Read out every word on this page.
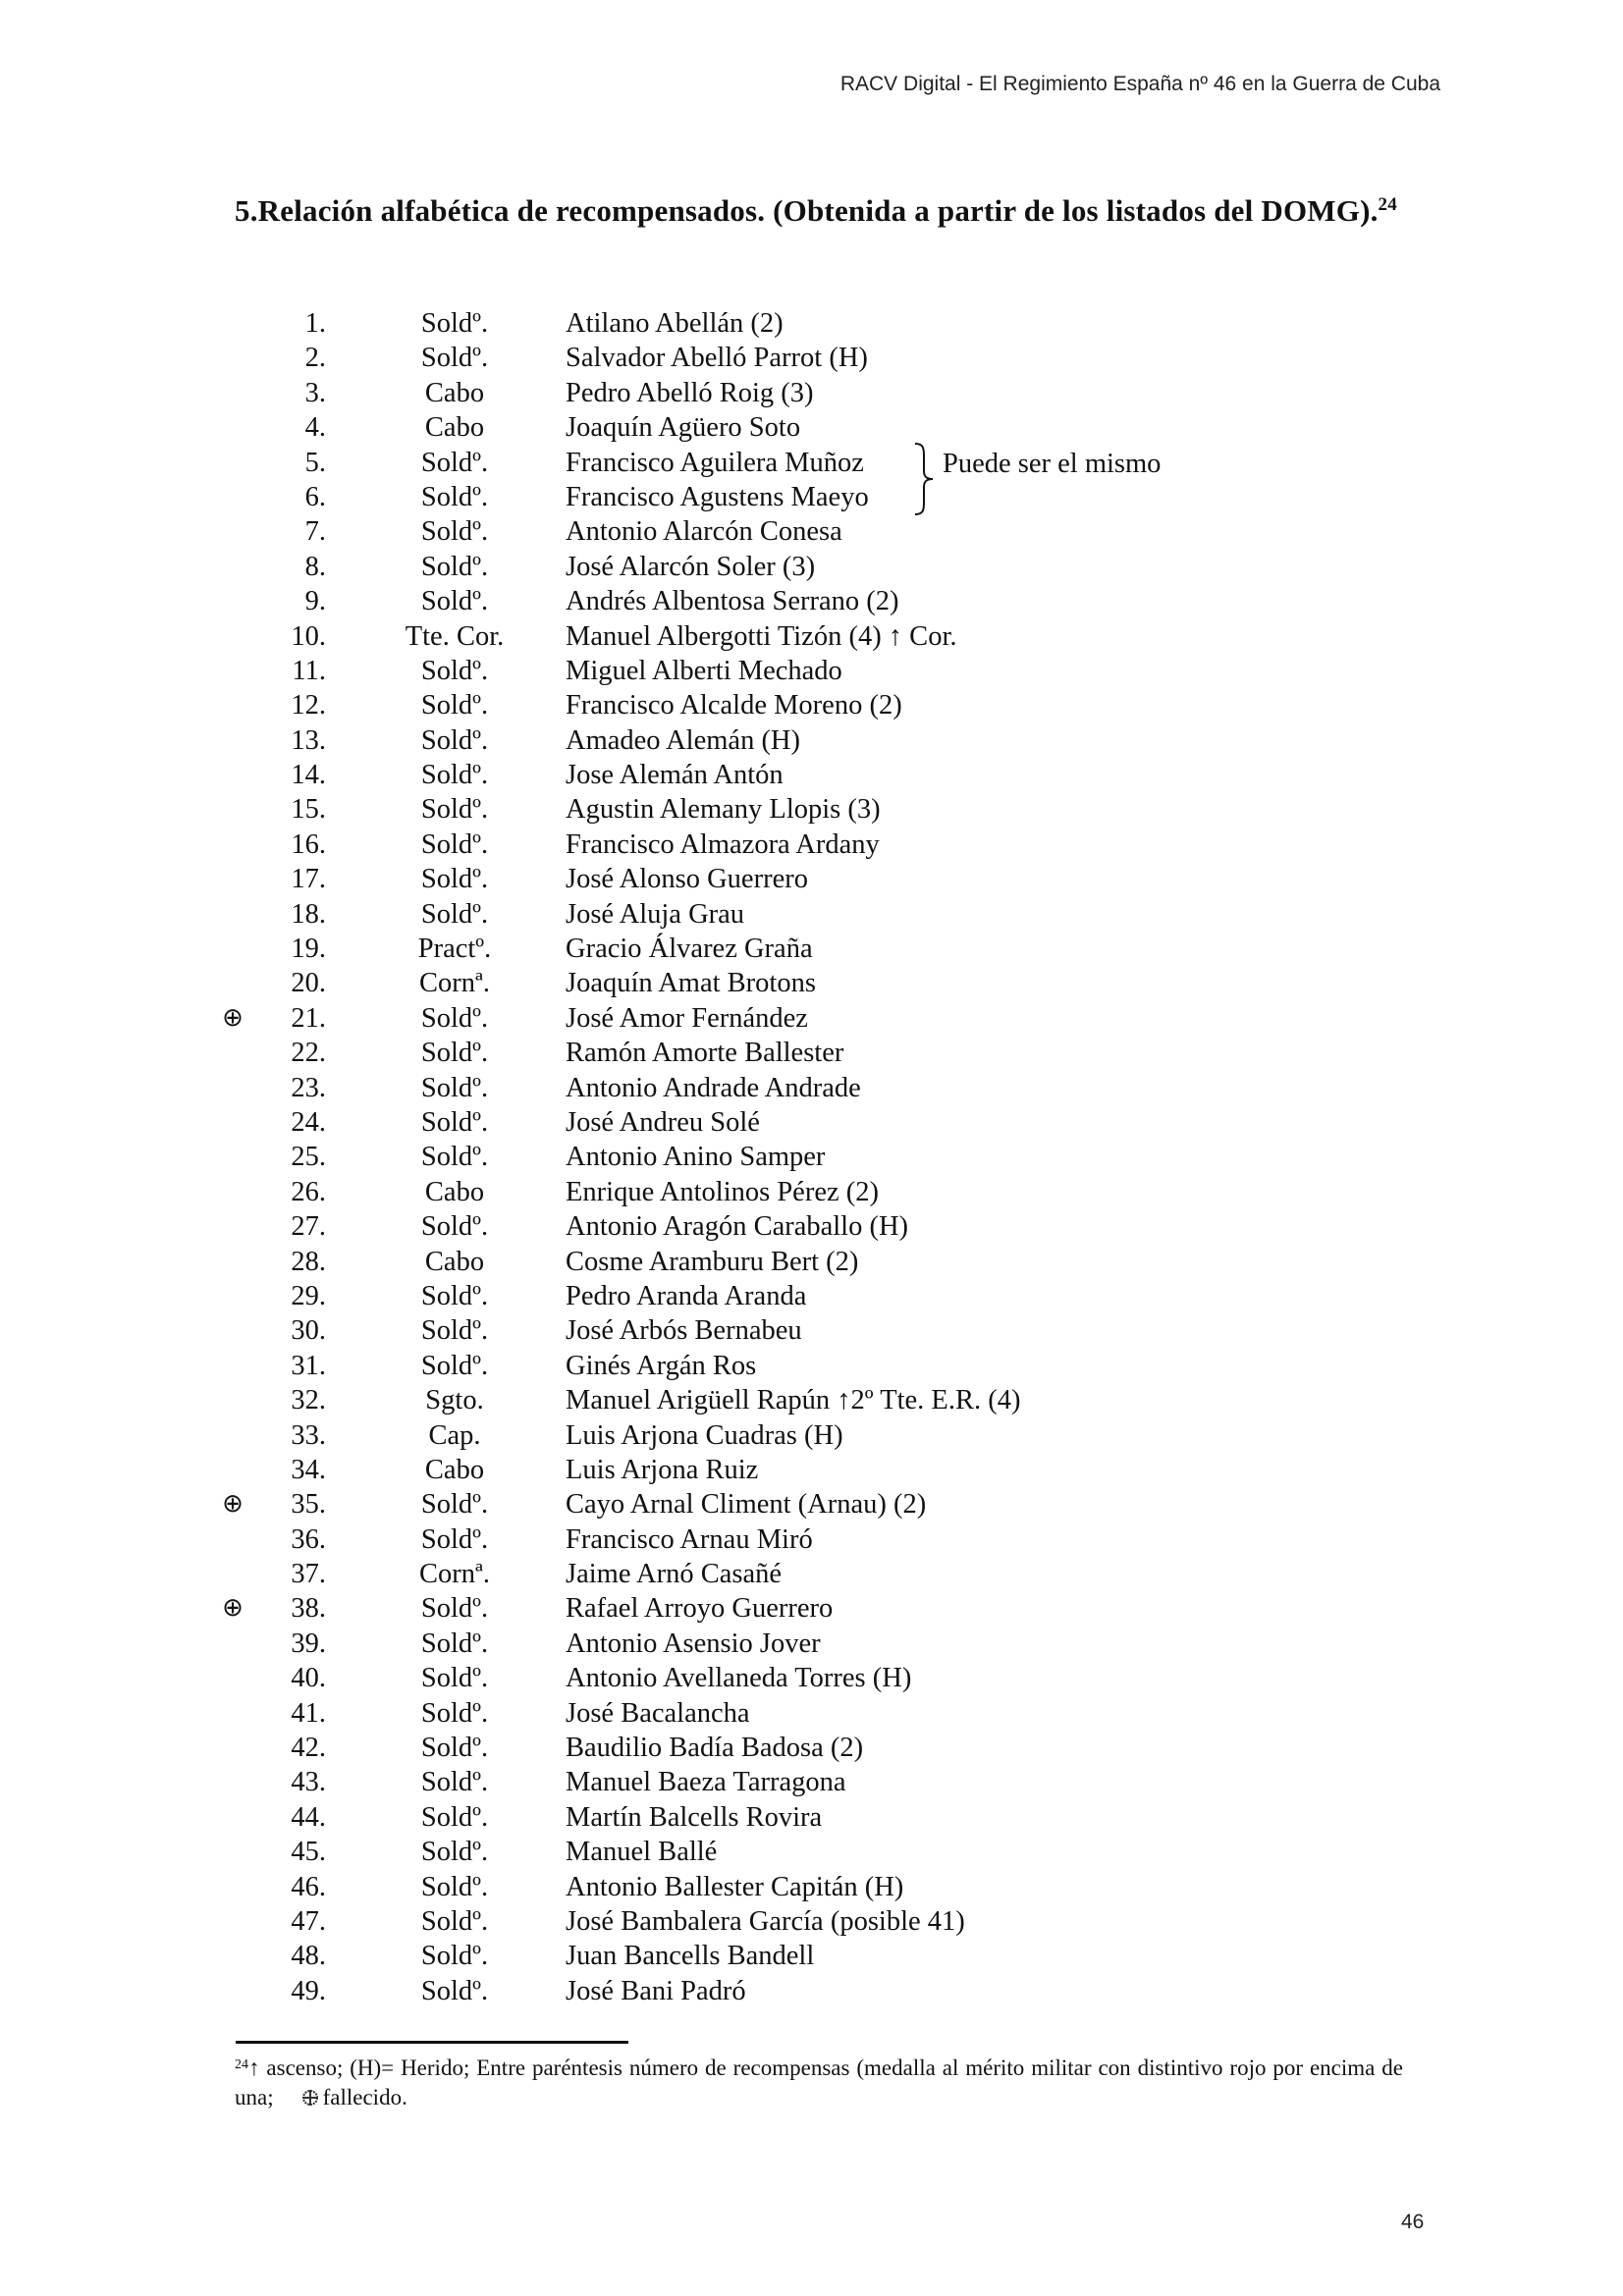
RACV Digital - El Regimiento España nº 46 en la Guerra de Cuba
5.Relación alfabética de recompensados. (Obtenida a partir de los listados del DOMG).$^{24}$
1.	Soldº.	Atilano Abellán (2)
2.	Soldº.	Salvador Abelló Parrot (H)
3.	Cabo	Pedro Abelló Roig (3)
4.	Cabo	Joaquín Agüero Soto
5.	Soldº.	Francisco Aguilera Muñoz
6.	Soldº.	Francisco Agustens Maeyo
7.	Soldº.	Antonio Alarcón Conesa
8.	Soldº.	José Alarcón Soler (3)
9.	Soldº.	Andrés Albentosa Serrano (2)
10.	Tte. Cor.	Manuel Albergotti Tizón (4) ↑ Cor.
11.	Soldº.	Miguel Alberti Mechado
12.	Soldº.	Francisco Alcalde Moreno (2)
13.	Soldº.	Amadeo Alemán (H)
14.	Soldº.	Jose Alemán Antón
15.	Soldº.	Agustin Alemany Llopis (3)
16.	Soldº.	Francisco Almazora Ardany
17.	Soldº.	José Alonso Guerrero
18.	Soldº.	José Aluja Grau
19.	Practº.	Gracio Álvarez Graña
20.	Cornª.	Joaquín Amat Brotons
⊕	21.	Soldº.	José Amor Fernández
22.	Soldº.	Ramón Amorte Ballester
23.	Soldº.	Antonio Andrade Andrade
24.	Soldº.	José Andreu Solé
25.	Soldº.	Antonio Anino Samper
26.	Cabo	Enrique Antolinos Pérez (2)
27.	Soldº.	Antonio Aragón Caraballo (H)
28.	Cabo	Cosme Aramburu Bert (2)
29.	Soldº.	Pedro Aranda Aranda
30.	Soldº.	José Arbós Bernabeu
31.	Soldº.	Ginés Argán Ros
32.	Sgto.	Manuel Arigüell Rapún ↑2º Tte. E.R. (4)
33.	Cap.	Luis Arjona Cuadras (H)
34.	Cabo	Luis Arjona Ruiz
⊕	35.	Soldº.	Cayo Arnal Climent (Arnau) (2)
36.	Soldº.	Francisco Arnau Miró
37.	Cornª.	Jaime Arnó Casañé
⊕	38.	Soldº.	Rafael Arroyo Guerrero
39.	Soldº.	Antonio Asensio Jover
40.	Soldº.	Antonio Avellaneda Torres (H)
41.	Soldº.	José Bacalancha
42.	Soldº.	Baudilio Badía Badosa (2)
43.	Soldº.	Manuel Baeza Tarragona
44.	Soldº.	Martín Balcells Rovira
45.	Soldº.	Manuel Ballé
46.	Soldº.	Antonio Ballester Capitán (H)
47.	Soldº.	José Bambalera García (posible 41)
48.	Soldº.	Juan Bancells Bandell
49.	Soldº.	José Bani Padró
Puede ser el mismo
$^{24}$↑ ascenso; (H)= Herido; Entre paréntesis número de recompensas (medalla al mérito militar con distintivo rojo por encima de una; fallecido.
46
